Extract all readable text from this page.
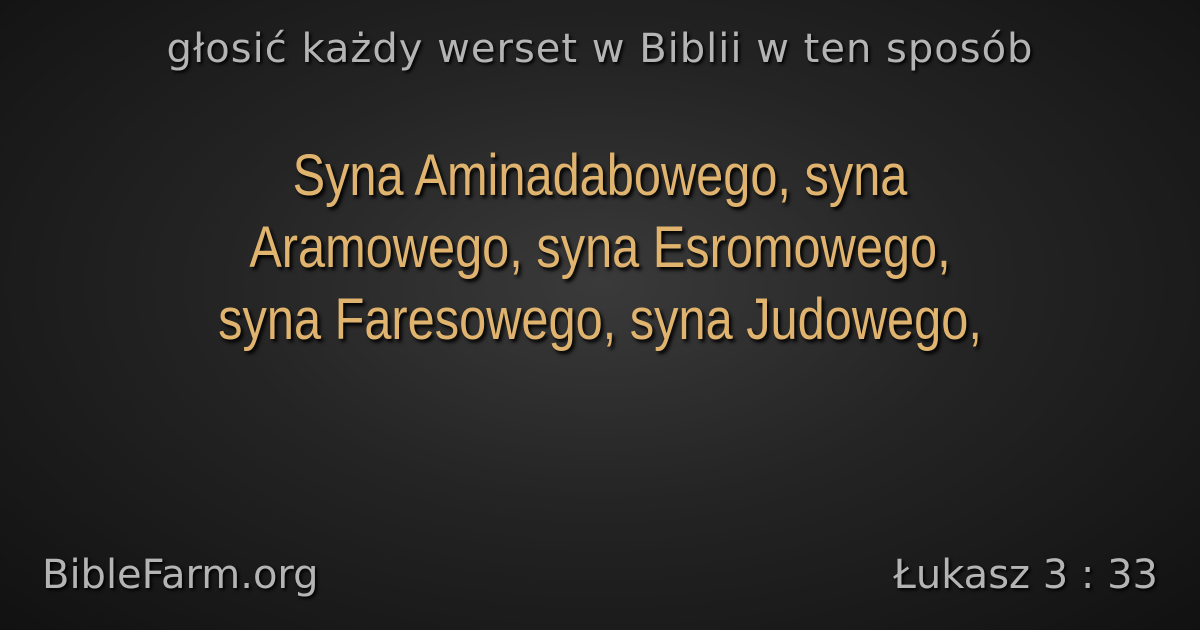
głosić każdy werset w Biblii w ten sposób
Syna Aminadabowego, syna
Aramowego, syna Esromowego,
syna Faresowego, syna Judowego,
BibleFarm.org	Łukasz 3 : 33
